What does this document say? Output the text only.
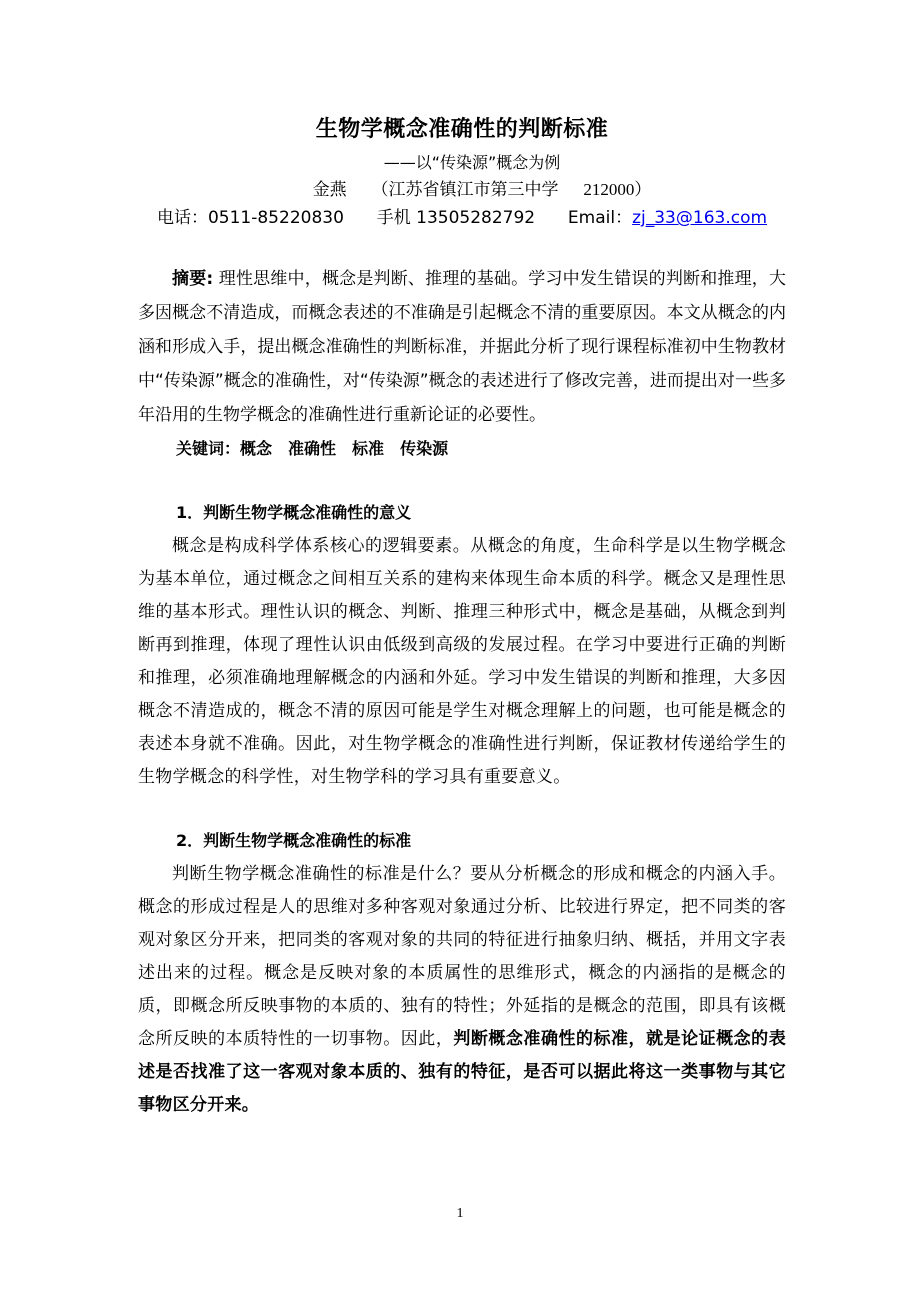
生物学概念准确性的判断标准
——以“传染源”概念为例
金燕 （江苏省镇江市第三中学 212000）
电话：0511-85220830 手机 13505282792 Email：zj_33@163.com
摘要: 理性思维中，概念是判断、推理的基础。学习中发生错误的判断和推理，大多因概念不清造成，而概念表述的不准确是引起概念不清的重要原因。本文从概念的内涵和形成入手，提出概念准确性的判断标准，并据此分析了现行课程标准初中生物教材中“传染源”概念的准确性，对“传染源”概念的表述进行了修改完善，进而提出对一些多年沿用的生物学概念的准确性进行重新论证的必要性。
关键词：概念 准确性 标准 传染源
1．判断生物学概念准确性的意义
概念是构成科学体系核心的逻辑要素。从概念的角度，生命科学是以生物学概念为基本单位，通过概念之间相互关系的建构来体现生命本质的科学。概念又是理性思维的基本形式。理性认识的概念、判断、推理三种形式中，概念是基础，从概念到判断再到推理，体现了理性认识由低级到高级的发展过程。在学习中要进行正确的判断和推理，必须准确地理解概念的内涵和外延。学习中发生错误的判断和推理，大多因概念不清造成的，概念不清的原因可能是学生对概念理解上的问题，也可能是概念的表述本身就不准确。因此，对生物学概念的准确性进行判断，保证教材传递给学生的生物学概念的科学性，对生物学科的学习具有重要意义。
2．判断生物学概念准确性的标准
判断生物学概念准确性的标准是什么？要从分析概念的形成和概念的内涵入手。概念的形成过程是人的思维对多种客观对象通过分析、比较进行界定，把不同类的客观对象区分开来，把同类的客观对象的共同的特征进行抽象归纳、概括，并用文字表述出来的过程。概念是反映对象的本质属性的思维形式，概念的内涵指的是概念的质，即概念所反映事物的本质的、独有的特性；外延指的是概念的范围，即具有该概念所反映的本质特性的一切事物。因此，判断概念准确性的标准，就是论证概念的表述是否找准了这一客观对象本质的、独有的特征，是否可以据此将这一类事物与其它事物区分开来。
1
